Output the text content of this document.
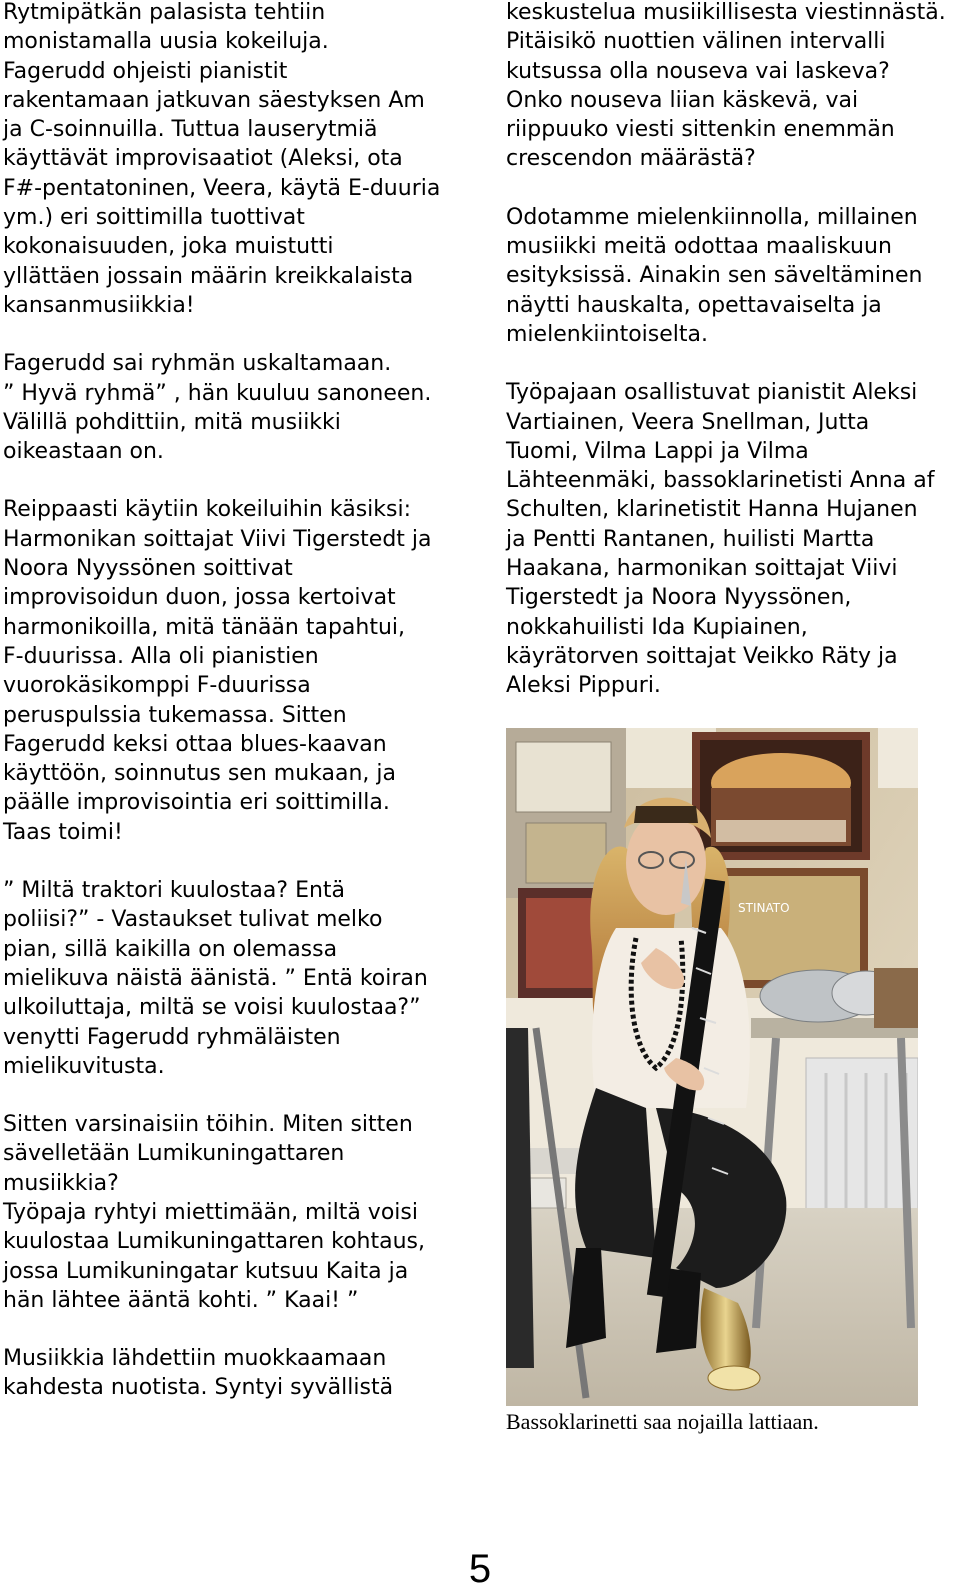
Rytmipätkän palasista tehtiin
monistamalla uusia kokeiluja.
Fagerudd ohjeisti pianistit
rakentamaan jatkuvan säestyksen Am
ja C-soinnuilla. Tuttua lauserytmiä
käyttävät improvisaatiot (Aleksi, ota
F#-pentatoninen, Veera, käytä E-duuria
ym.) eri soittimilla tuottivat
kokonaisuuden, joka muistutti
yllättäen jossain määrin kreikkalaista
kansanmusiikkia!

Fagerudd sai ryhmän uskaltamaan.
” Hyvä ryhmä” , hän kuuluu sanoneen.
Välillä pohdittiin, mitä musiikki
oikeastaan on.

Reippaasti käytiin kokeiluihin käsiksi:
Harmonikan soittajat Viivi Tigerstedt ja
Noora Nyyssönen soittivat
improvisoidun duon, jossa kertoivat
harmonikoilla, mitä tänään tapahtui,
F-duurissa. Alla oli pianistien
vuorokäsikomppi F-duurissa
peruspulssia tukemassa. Sitten
Fagerudd keksi ottaa blues-kaavan
käyttöön, soinnutus sen mukaan, ja
päälle improvisointia eri soittimilla.
Taas toimi!

” Miltä traktori kuulostaa? Entä
poliisi?” - Vastaukset tulivat melko
pian, sillä kaikilla on olemassa
mielikuva näistä äänistä. ” Entä koiran
ulkoiluttaja, miltä se voisi kuulostaa?”
venytti Fagerudd ryhmäläisten
mielikuvitusta.

Sitten varsinaisiin töihin. Miten sitten
sävelletään Lumikuningattaren
musiikkia?
Työpaja ryhtyi miettimään, miltä voisi
kuulostaa Lumikuningattaren kohtaus,
jossa Lumikuningatar kutsuu Kaita ja
hän lähtee ääntä kohti. ” Kaai! ”

Musiikkia lähdettiin muokkaamaan
kahdesta nuotista. Syntyi syvällistä

keskustelua musiikillisesta viestinnästä.
Pitäisikö nuottien välinen intervalli
kutsussa olla nouseva vai laskeva?
Onko nouseva liian käskevä, vai
riippuuko viesti sittenkin enemmän
crescendon määrästä?

Odotamme mielenkiinnolla, millainen
musiikki meitä odottaa maaliskuun
esityksissä. Ainakin sen säveltäminen
näytti hauskalta, opettavaiselta ja
mielenkiintoiselta.

Työpajaan osallistuvat pianistit Aleksi
Vartiainen, Veera Snellman, Jutta
Tuomi, Vilma Lappi ja Vilma
Lähteenmäki, bassoklarinetisti Anna af
Schulten, klarinetistit Hanna Hujanen
ja Pentti Rantanen, huilisti Martta
Haakana, harmonikan soittajat Viivi
Tigerstedt ja Noora Nyyssönen,
nokkahuilisti Ida Kupiainen,
käyrätorven soittajat Veikko Räty ja
Aleksi Pippuri.

STINATO
Bassoklarinetti saa nojailla lattiaan.
5
